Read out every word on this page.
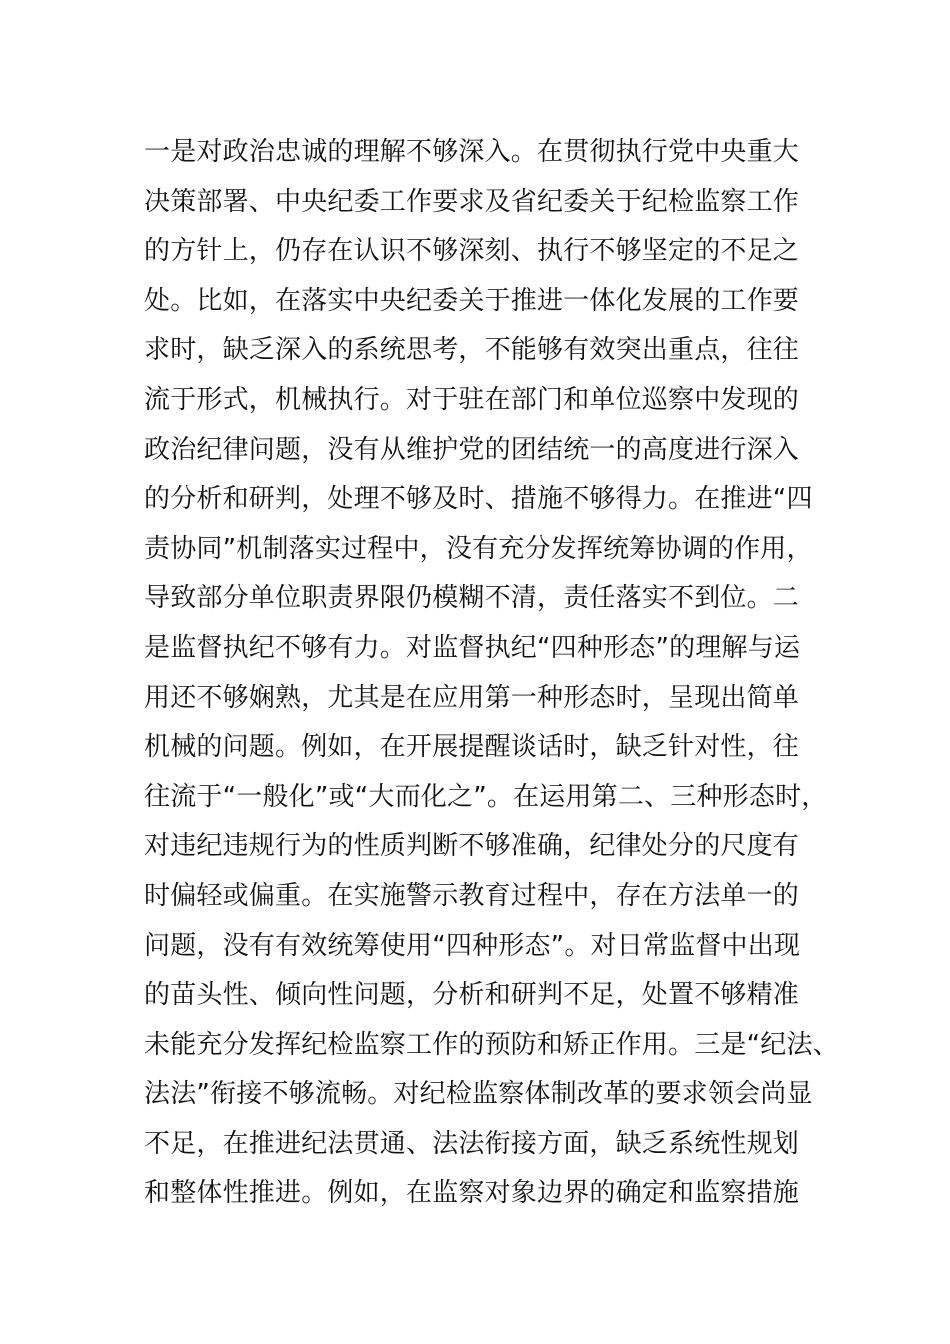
一是对政治忠诚的理解不够深入。在贯彻执行党中央重大
决策部署、中央纪委工作要求及省纪委关于纪检监察工作
的方针上，仍存在认识不够深刻、执行不够坚定的不足之
处。比如，在落实中央纪委关于推进一体化发展的工作要
求时，缺乏深入的系统思考，不能够有效突出重点，往往
流于形式，机械执行。对于驻在部门和单位巡察中发现的
政治纪律问题，没有从维护党的团结统一的高度进行深入
的分析和研判，处理不够及时、措施不够得力。在推进“四
责协同”机制落实过程中，没有充分发挥统筹协调的作用，
导致部分单位职责界限仍模糊不清，责任落实不到位。二
是监督执纪不够有力。对监督执纪“四种形态”的理解与运
用还不够娴熟，尤其是在应用第一种形态时，呈现出简单
机械的问题。例如，在开展提醒谈话时，缺乏针对性，往
往流于“一般化”或“大而化之”。在运用第二、三种形态时，
对违纪违规行为的性质判断不够准确，纪律处分的尺度有
时偏轻或偏重。在实施警示教育过程中，存在方法单一的
问题，没有有效统筹使用“四种形态”。对日常监督中出现
的苗头性、倾向性问题，分析和研判不足，处置不够精准
未能充分发挥纪检监察工作的预防和矫正作用。三是“纪法、
法法”衔接不够流畅。对纪检监察体制改革的要求领会尚显
不足，在推进纪法贯通、法法衔接方面，缺乏系统性规划
和整体性推进。例如，在监察对象边界的确定和监察措施
